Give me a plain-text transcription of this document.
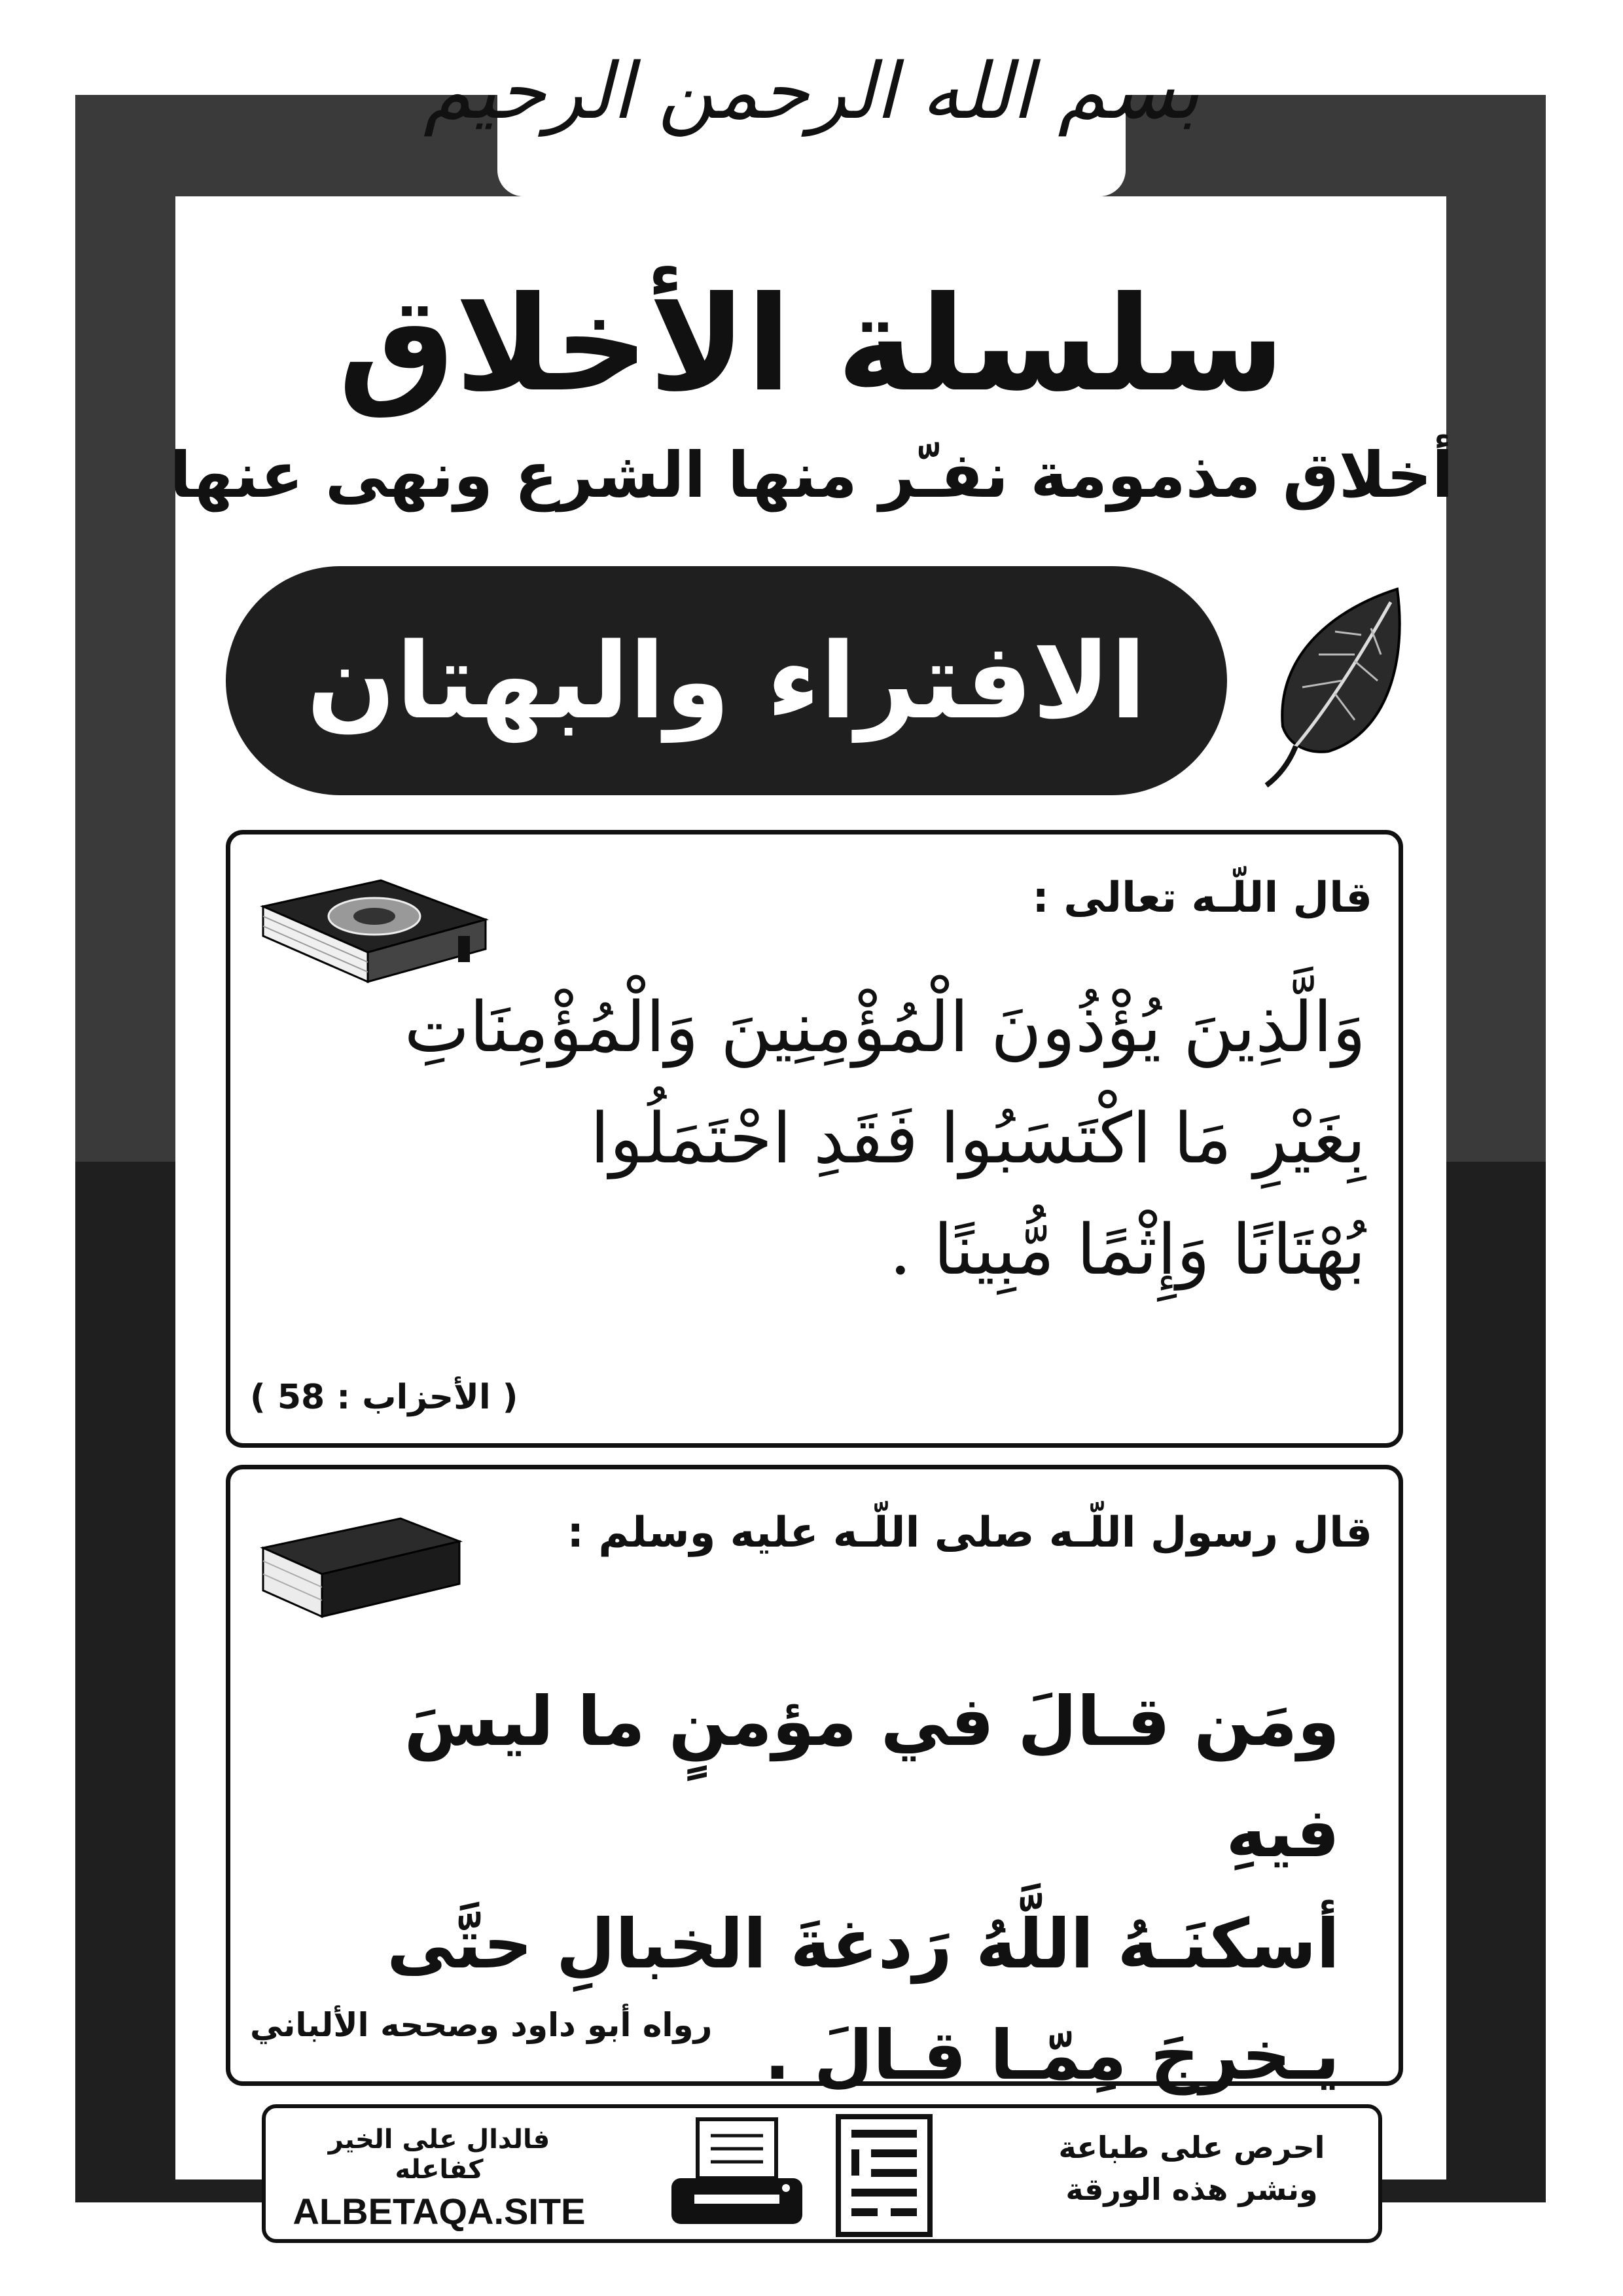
بسم الله الرحمن الرحيم
سلسلة الأخلاق
أخلاق مذمومة نفـّر منها الشرع ونهى عنها
الافتراء والبهتان
قال اللّـه تعالى :
وَالَّذِينَ يُؤْذُونَ الْمُؤْمِنِينَ وَالْمُؤْمِنَاتِ
بِغَيْرِ مَا اكْتَسَبُوا فَقَدِ احْتَمَلُوا
بُهْتَانًا وَإِثْمًا مُّبِينًا .
( الأحزاب : 58 )
قال رسول اللّـه صلى اللّـه عليه وسلم :
ومَن قـالَ في مؤمنٍ ما ليسَ فيهِ
أسكنَـهُ اللَّهُ رَدغةَ الخبالِ حتَّى
يـخرجَ مِمّـا قـالَ .
رواه أبو داود وصححه الألباني
فالدال على الخير كفاعله
ALBETAQA.SITE
احرص على طباعة
ونشر هذه الورقة
